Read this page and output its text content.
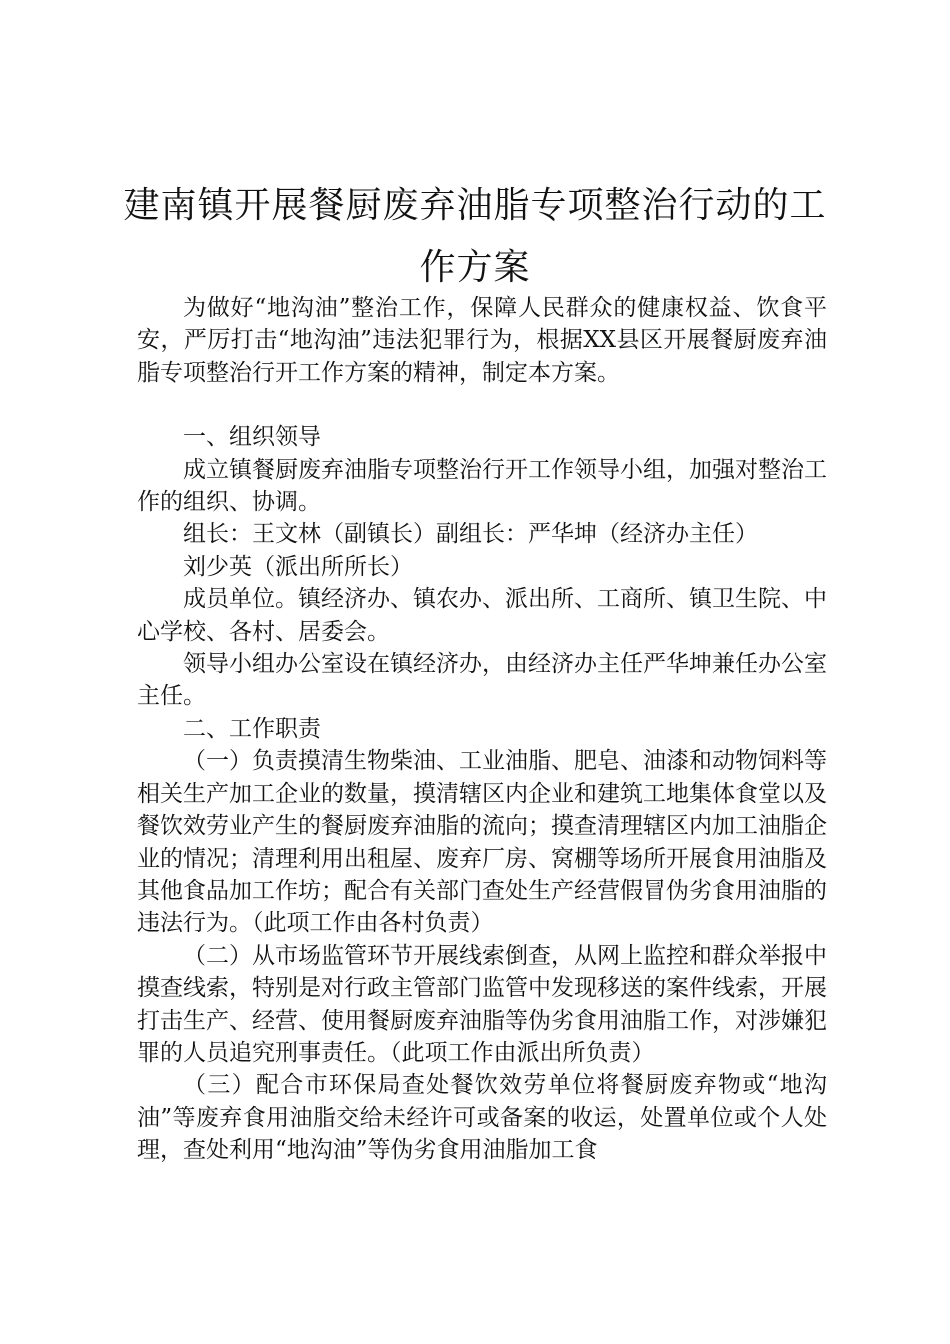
建南镇开展餐厨废弃油脂专项整治行动的工作方案

为做好“地沟油”整治工作，保障人民群众的健康权益、饮食平安，严厉打击“地沟油”违法犯罪行为，根据XX县区开展餐厨废弃油脂专项整治行开工作方案的精神，制定本方案。

一、组织领导

成立镇餐厨废弃油脂专项整治行开工作领导小组，加强对整治工作的组织、协调。

组长：王文林（副镇长）副组长：严华坤（经济办主任）

刘少英（派出所所长）

成员单位。镇经济办、镇农办、派出所、工商所、镇卫生院、中心学校、各村、居委会。

领导小组办公室设在镇经济办，由经济办主任严华坤兼任办公室主任。

二、工作职责

（一）负责摸清生物柴油、工业油脂、肥皂、油漆和动物饲料等相关生产加工企业的数量，摸清辖区内企业和建筑工地集体食堂以及餐饮效劳业产生的餐厨废弃油脂的流向；摸查清理辖区内加工油脂企业的情况；清理利用出租屋、废弃厂房、窝棚等场所开展食用油脂及其他食品加工作坊；配合有关部门查处生产经营假冒伪劣食用油脂的违法行为。（此项工作由各村负责）

（二）从市场监管环节开展线索倒查，从网上监控和群众举报中摸查线索，特别是对行政主管部门监管中发现移送的案件线索，开展打击生产、经营、使用餐厨废弃油脂等伪劣食用油脂工作，对涉嫌犯罪的人员追究刑事责任。（此项工作由派出所负责）

（三）配合市环保局查处餐饮效劳单位将餐厨废弃物或“地沟油”等废弃食用油脂交给未经许可或备案的收运，处置单位或个人处理，查处利用“地沟油”等伪劣食用油脂加工食
